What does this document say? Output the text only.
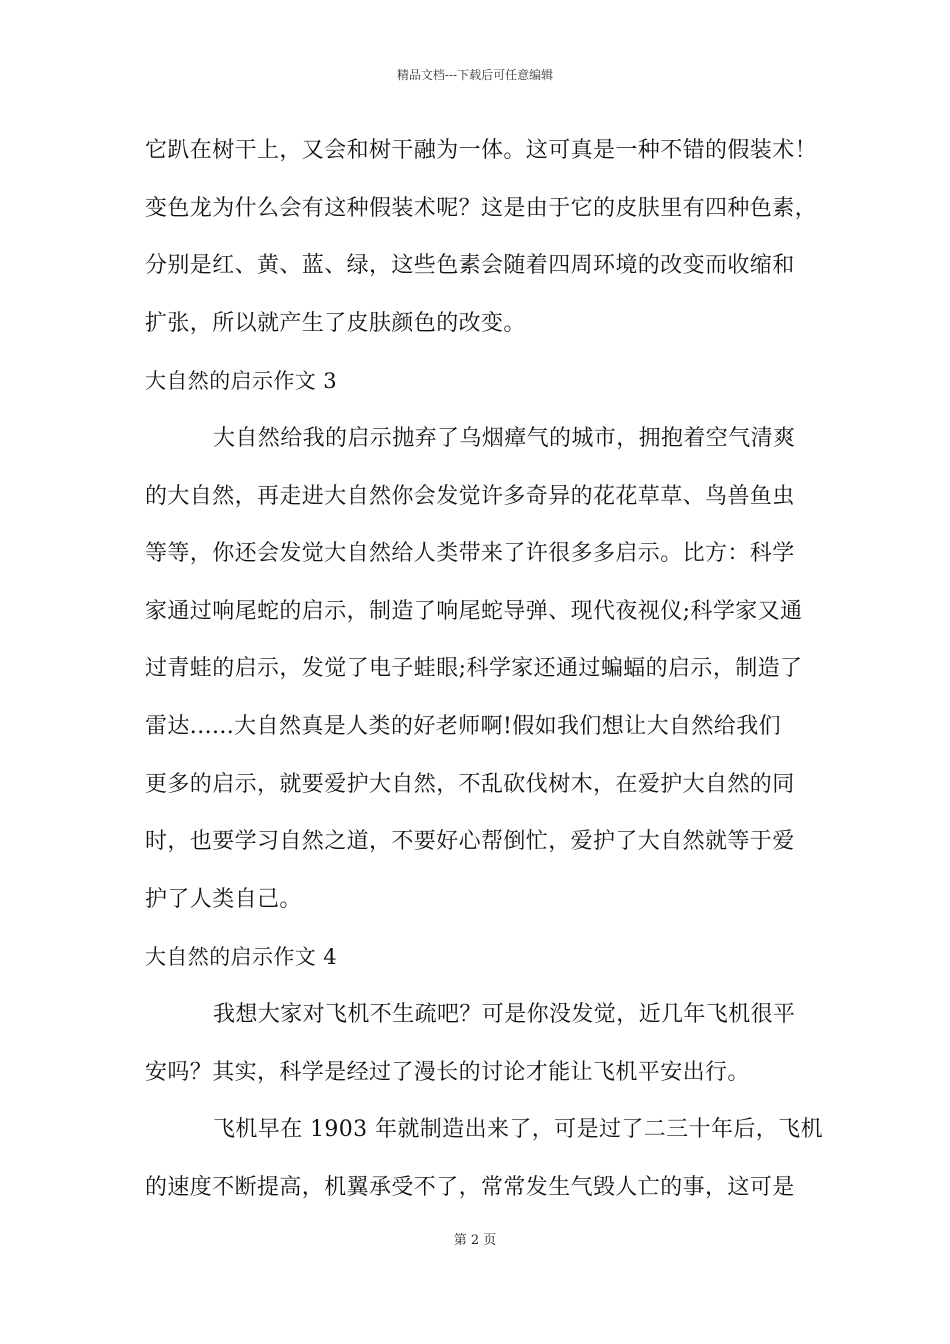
精品文档---下载后可任意编辑
它趴在树干上，又会和树干融为一体。这可真是一种不错的假装术！
变色龙为什么会有这种假装术呢？这是由于它的皮肤里有四种色素，
分别是红、黄、蓝、绿，这些色素会随着四周环境的改变而收缩和
扩张，所以就产生了皮肤颜色的改变。
大自然的启示作文 3
大自然给我的启示抛弃了乌烟瘴气的城市，拥抱着空气清爽
的大自然，再走进大自然你会发觉许多奇异的花花草草、鸟兽鱼虫
等等，你还会发觉大自然给人类带来了许很多多启示。比方：科学
家通过响尾蛇的启示，制造了响尾蛇导弹、现代夜视仪;科学家又通
过青蛙的启示，发觉了电子蛙眼;科学家还通过蝙蝠的启示，制造了
雷达......大自然真是人类的好老师啊!假如我们想让大自然给我们
更多的启示，就要爱护大自然，不乱砍伐树木，在爱护大自然的同
时，也要学习自然之道，不要好心帮倒忙，爱护了大自然就等于爱
护了人类自己。
大自然的启示作文 4
我想大家对飞机不生疏吧？可是你没发觉，近几年飞机很平
安吗？其实，科学是经过了漫长的讨论才能让飞机平安出行。
飞机早在 1903 年就制造出来了，可是过了二三十年后，飞机
的速度不断提高，机翼承受不了，常常发生气毁人亡的事，这可是
第 2 页
